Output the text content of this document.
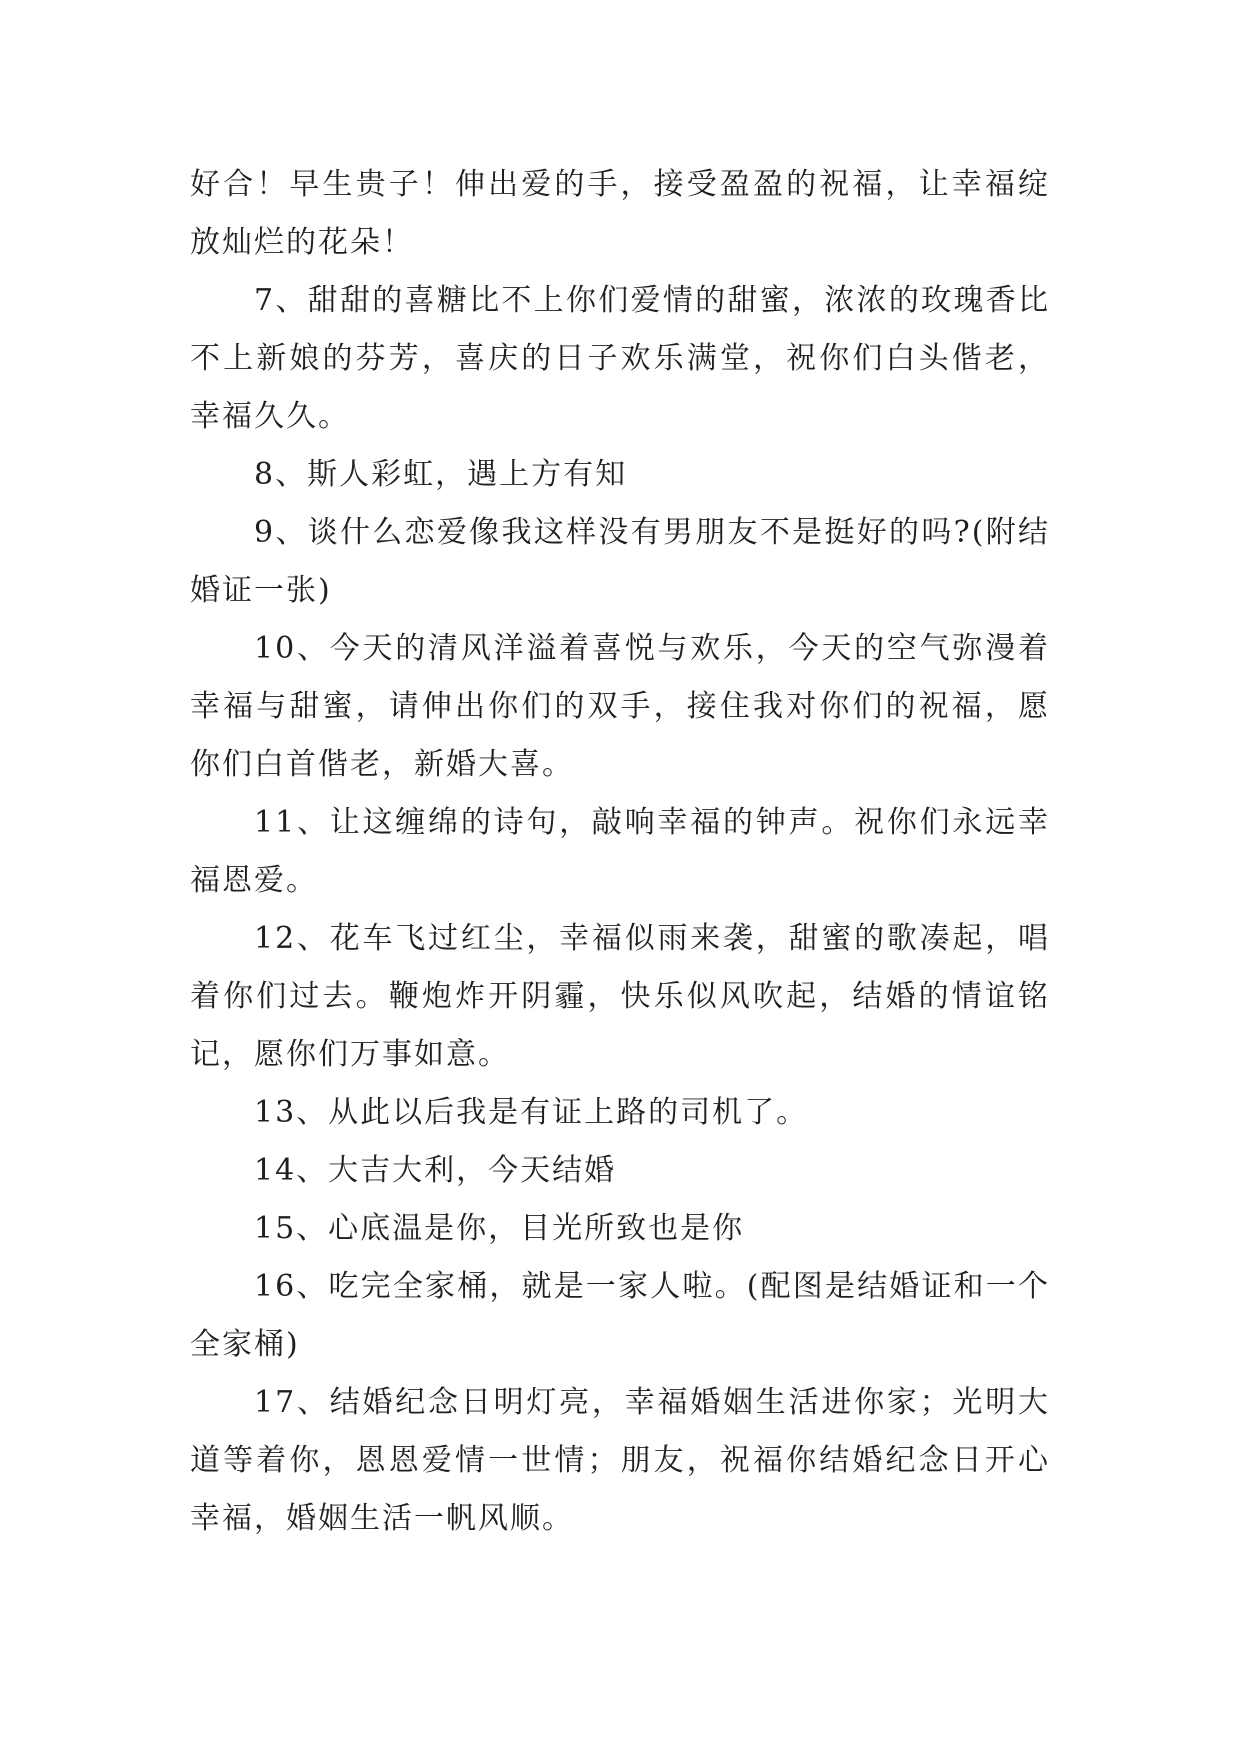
好合！早生贵子！伸出爱的手，接受盈盈的祝福，让幸福绽放灿烂的花朵！

7、甜甜的喜糖比不上你们爱情的甜蜜，浓浓的玫瑰香比不上新娘的芬芳，喜庆的日子欢乐满堂，祝你们白头偕老，幸福久久。

8、斯人彩虹，遇上方有知

9、谈什么恋爱像我这样没有男朋友不是挺好的吗?(附结婚证一张)

10、今天的清风洋溢着喜悦与欢乐，今天的空气弥漫着幸福与甜蜜，请伸出你们的双手，接住我对你们的祝福，愿你们白首偕老，新婚大喜。

11、让这缠绵的诗句，敲响幸福的钟声。祝你们永远幸福恩爱。

12、花车飞过红尘，幸福似雨来袭，甜蜜的歌凑起，唱着你们过去。鞭炮炸开阴霾，快乐似风吹起，结婚的情谊铭记，愿你们万事如意。

13、从此以后我是有证上路的司机了。

14、大吉大利，今天结婚

15、心底温是你，目光所致也是你

16、吃完全家桶，就是一家人啦。(配图是结婚证和一个全家桶)

17、结婚纪念日明灯亮，幸福婚姻生活进你家；光明大道等着你，恩恩爱情一世情；朋友，祝福你结婚纪念日开心幸福，婚姻生活一帆风顺。
